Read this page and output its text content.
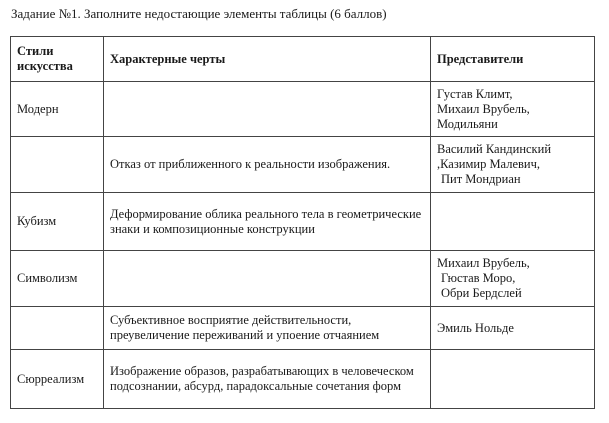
Задание №1. Заполните недостающие элементы таблицы (6 баллов)
Стили искусства	Характерные черты	Представители
Модерн		Густав Климт,
Михаил Врубель,
Модильяни

	Отказ от приближенного к реальности изображения.	Василий Кандинский
,Казимир Малевич,
Пит Мондриан

Кубизм	Деформирование облика реального тела в геометрические знаки и композиционные конструкции	
Символизм		Михаил Врубель,
Гюстав Моро,
Обри Бердслей

	Субъективное восприятие действительности, преувеличение переживаний и упоение отчаянием	Эмиль Нольде

Сюрреализм	Изображение образов, разрабатывающих в человеческом подсознании, абсурд, парадоксальные сочетания форм	
